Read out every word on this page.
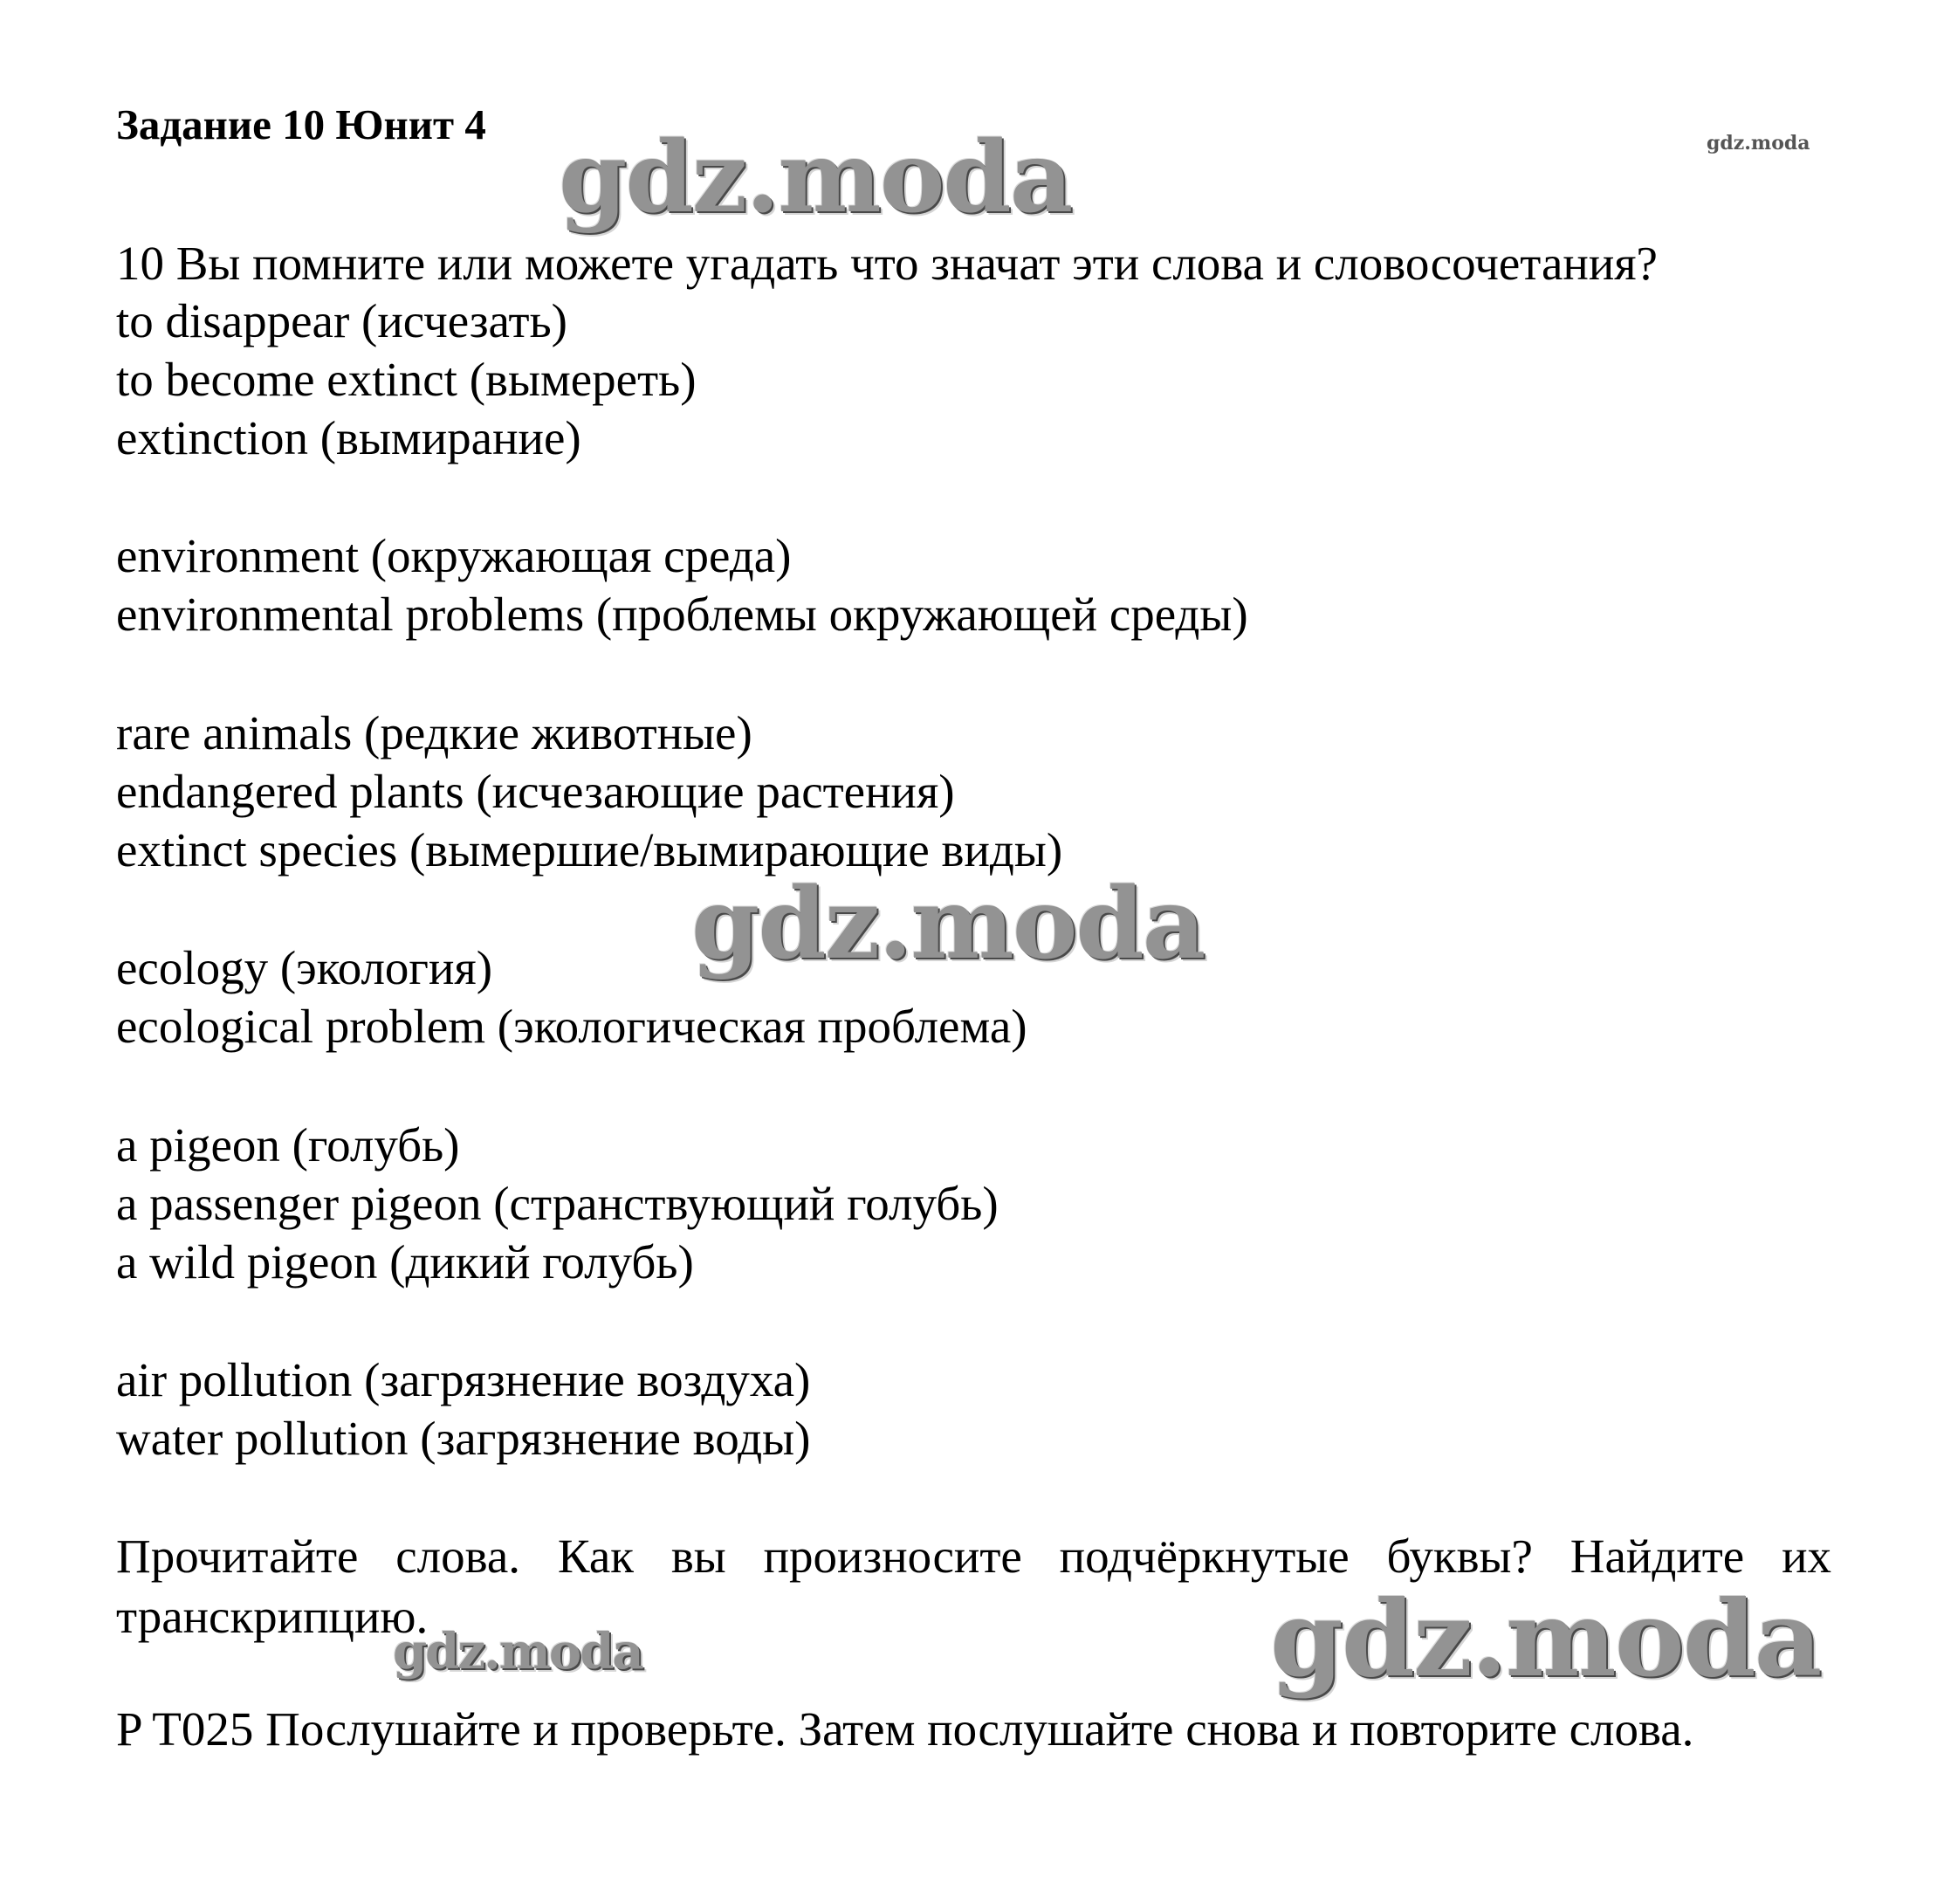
Задание 10 Юнит 4
10 Вы помните или можете угадать что значат эти слова и словосочетания?
to disappear (исчезать)
to become extinct (вымереть)
extinction (вымирание)
environment (окружающая среда)
environmental problems (проблемы окружающей среды)
rare animals (редкие животные)
endangered plants (исчезающие растения)
extinct species (вымершие/вымирающие виды)
ecology (экология)
ecological problem (экологическая проблема)
a pigeon (голубь)
a passenger pigeon (странствующий голубь)
a wild pigeon (дикий голубь)
air pollution (загрязнение воздуха)
water pollution (загрязнение воды)
Прочитайте слова. Как вы произносите подчёркнутые буквы? Найдите их транскрипцию.
P T025 Послушайте и проверьте. Затем послушайте снова и повторите слова.
gdz.moda
gdz.moda
gdz.moda
gdz.moda	gdz.moda
